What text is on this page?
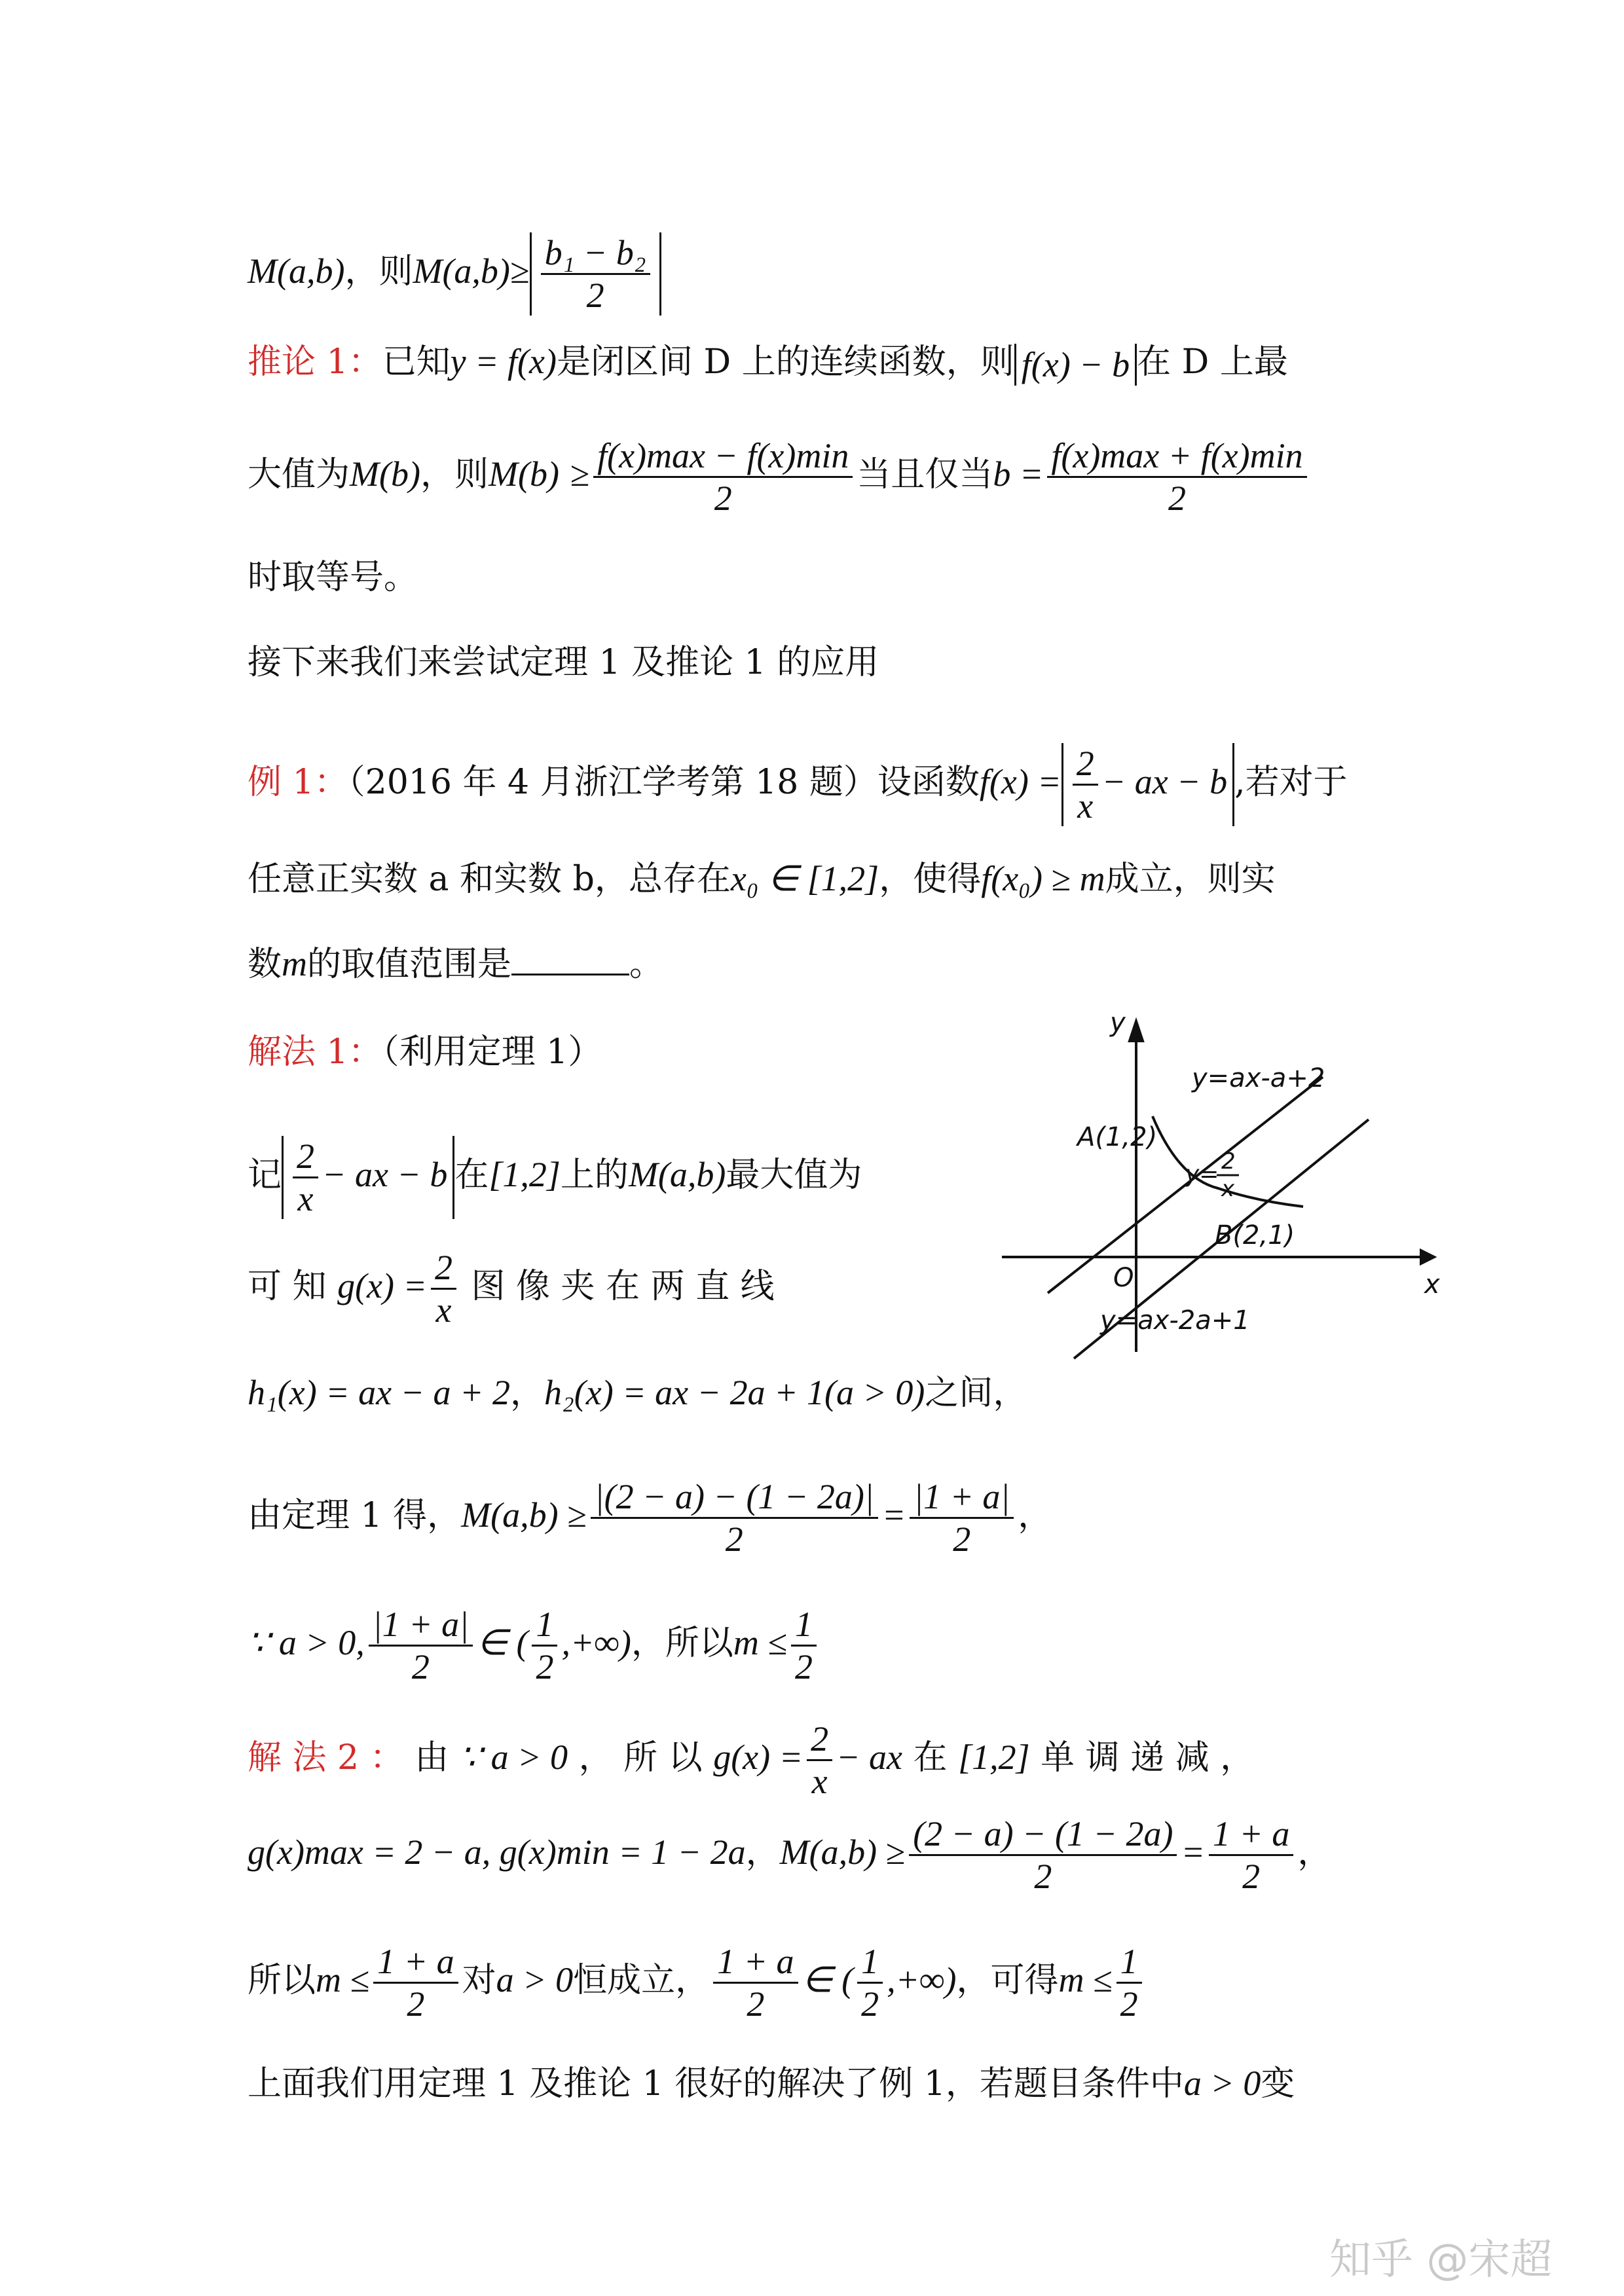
M(a,b)，则$M(a,b)\ge \frac{\text{b₁ − b₂}}{2}$
推论 1：已知y = f(x)是闭区间 D 上的连续函数，则 f(x) − b 在 D 上最
大值为M(b)，则$M(b) \ge \frac{f(x)\max - f(x)\min}{2}$ 当且仅当$b = \frac{f(x)\max + f(x)\min}{2}$
时取等号。
接下来我们来尝试定理 1 及推论 1 的应用
例 1：（2016 年 4 月浙江学考第 18 题）设函数$f(x) = \frac{2}{x}$ − ax − b ,若对于
任意正实数 a 和实数 b，总存在x₀ ∈ [1,2]，使得f(x₀) ≥ m成立，则实
数m的取值范围是	。
解法 1：（利用定理 1）
记 $\frac{2}{x}$ − ax − b 在[1,2]上的M(a,b)最大值为
可 知 $g(x) = \frac{2}{x}$ 图 像 夹 在 两 直 线
h₁(x) = ax − a + 2，h₂(x) = ax − 2a + 1(a > 0)之间，
由定理 1 得，$M(a,b) \ge \frac{|(2 - a) - (1 - 2a)|}{2} = \frac{|1 + a|}{2}$ ，
∵ a > 0, $\frac{|1 + a|}{2}$ ∈ ( $\frac{1}{2}$ ,+∞)，所以$m \le \frac{1}{2}$
解 法 2 ： 由 ∵ a > 0 ， 所 以 $g(x) = \frac{2}{x}$ − ax 在 [1,2] 单 调 递 减 ，
g(x)max = 2 − a, g(x)min = 1 − 2a，$M(a,b) \ge \frac{(2 - a) - (1 - 2a)}{2} = \frac{1 + a}{2}$ ，
所以$m \le \frac{1 + a}{2}$ 对a > 0恒成立， $\frac{1 + a}{2}$ ∈ ( $\frac{1}{2}$ ,+∞)，可得$m \le \frac{1}{2}$
上面我们用定理 1 及推论 1 很好的解决了例 1，若题目条件中a > 0变
y
x
O
y=ax-a+2
y=ax-2a+1
A(1,2)
B(2,1)
y= 2
x
知乎 @宋超
